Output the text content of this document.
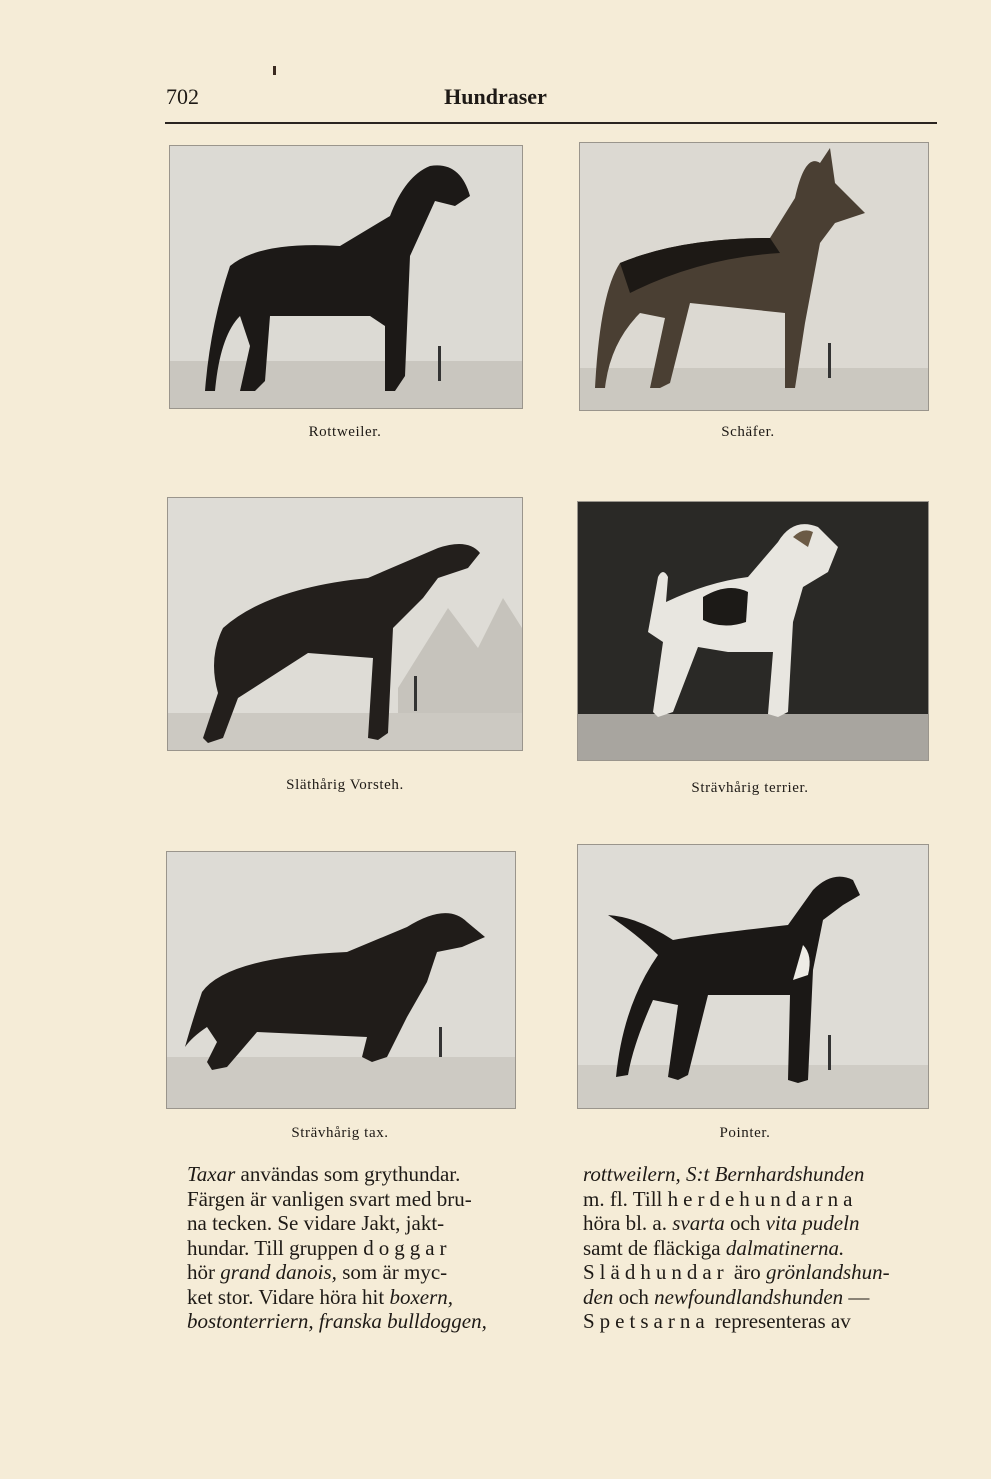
702	Hundraser
Rottweiler.	Schäfer.
Släthårig Vorsteh.	Strävhårig terrier.
Strävhårig tax.	Pointer.

Taxar användas som grythundar.

Färgen är vanligen svart med bru-

na tecken. Se vidare Jakt, jakt-

hundar. Till gruppen doggar

hör grand danois, som är myc-

ket stor. Vidare höra hit boxern,

bostonterriern, franska bulldoggen,

rottweilern, S:t Bernhardshunden

m. fl. Till herdehundarna

höra bl. a. svarta och vita pudeln

samt de fläckiga dalmatinerna.

Slädhundar äro grönlandshun-

den och newfoundlandshunden —

Spetsarna representeras av
